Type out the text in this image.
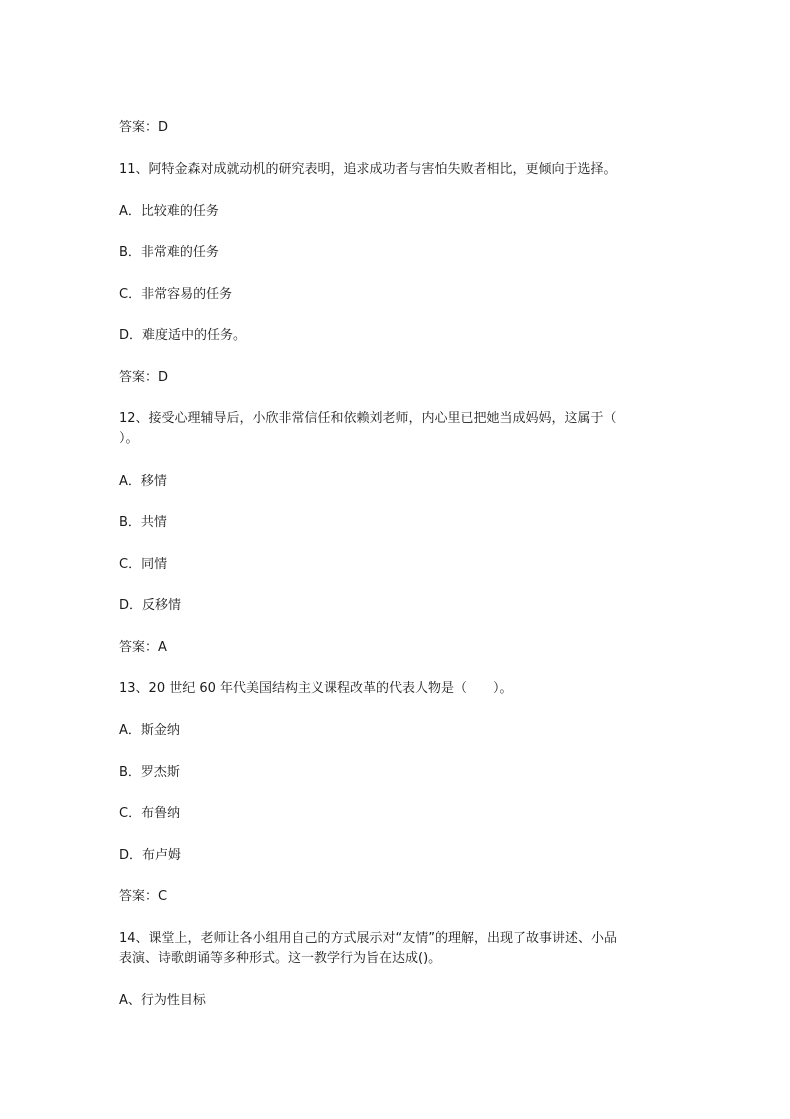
答案：D
11、阿特金森对成就动机的研究表明，追求成功者与害怕失败者相比，更倾向于选择。
A．比较难的任务
B．非常难的任务
C．非常容易的任务
D．难度适中的任务。
答案：D
12、接受心理辅导后，小欣非常信任和依赖刘老师，内心里已把她当成妈妈，这属于（
）。
A．移情
B．共情
C．同情
D．反移情
答案：A
13、20 世纪 60 年代美国结构主义课程改革的代表人物是（　　）。
A．斯金纳
B．罗杰斯
C．布鲁纳
D．布卢姆
答案：C
14、课堂上，老师让各小组用自己的方式展示对“友情”的理解，出现了故事讲述、小品
表演、诗歌朗诵等多种形式。这一教学行为旨在达成()。
A、行为性目标
